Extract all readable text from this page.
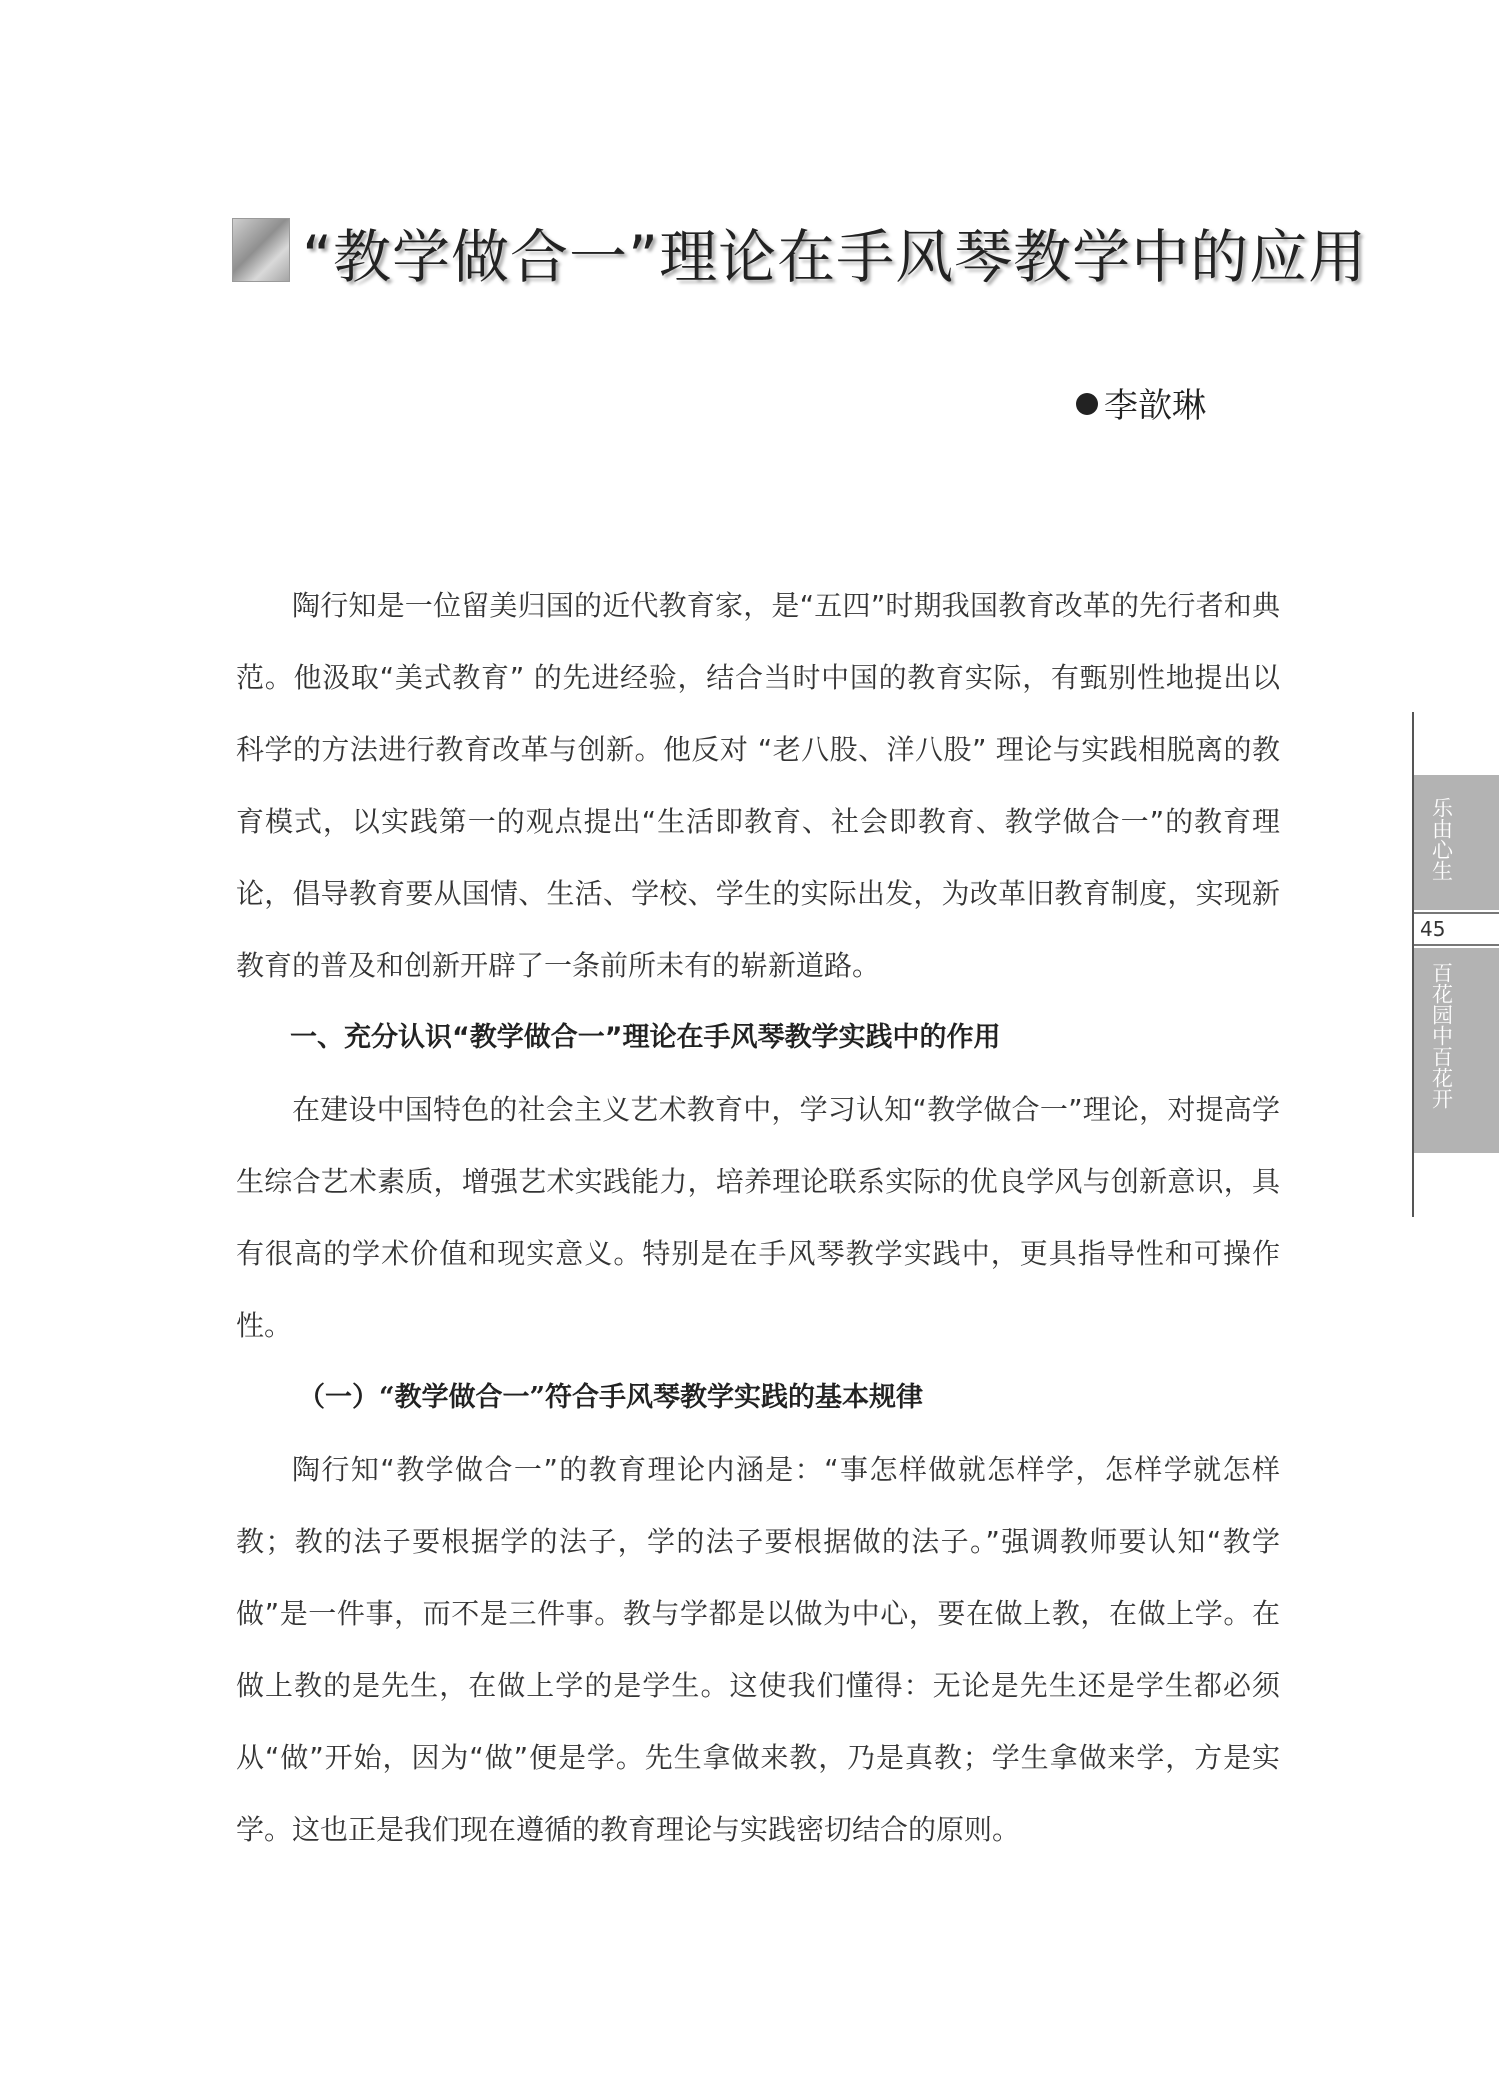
“教学做合一”理论在手风琴教学中的应用
李歆琳

陶行知是一位留美归国的近代教育家，是“五四”时期我国教育改革的先行者和典范。他汲取“美式教育” 的先进经验，结合当时中国的教育实际，有甄别性地提出以科学的方法进行教育改革与创新。他反对 “老八股、洋八股” 理论与实践相脱离的教育模式，以实践第一的观点提出“生活即教育、社会即教育、教学做合一”的教育理论，倡导教育要从国情、生活、学校、学生的实际出发，为改革旧教育制度，实现新教育的普及和创新开辟了一条前所未有的崭新道路。

一、充分认识“教学做合一”理论在手风琴教学实践中的作用

在建设中国特色的社会主义艺术教育中，学习认知“教学做合一”理论，对提高学生综合艺术素质，增强艺术实践能力，培养理论联系实际的优良学风与创新意识，具有很高的学术价值和现实意义。特别是在手风琴教学实践中，更具指导性和可操作性。

（一）“教学做合一”符合手风琴教学实践的基本规律

陶行知“教学做合一”的教育理论内涵是：“事怎样做就怎样学，怎样学就怎样教；教的法子要根据学的法子，学的法子要根据做的法子。”强调教师要认知“教学做”是一件事，而不是三件事。教与学都是以做为中心，要在做上教，在做上学。在做上教的是先生，在做上学的是学生。这使我们懂得：无论是先生还是学生都必须从“做”开始，因为“做”便是学。先生拿做来教，乃是真教；学生拿做来学，方是实学。这也正是我们现在遵循的教育理论与实践密切结合的原则。

乐由心生
45
百花园中百花开
